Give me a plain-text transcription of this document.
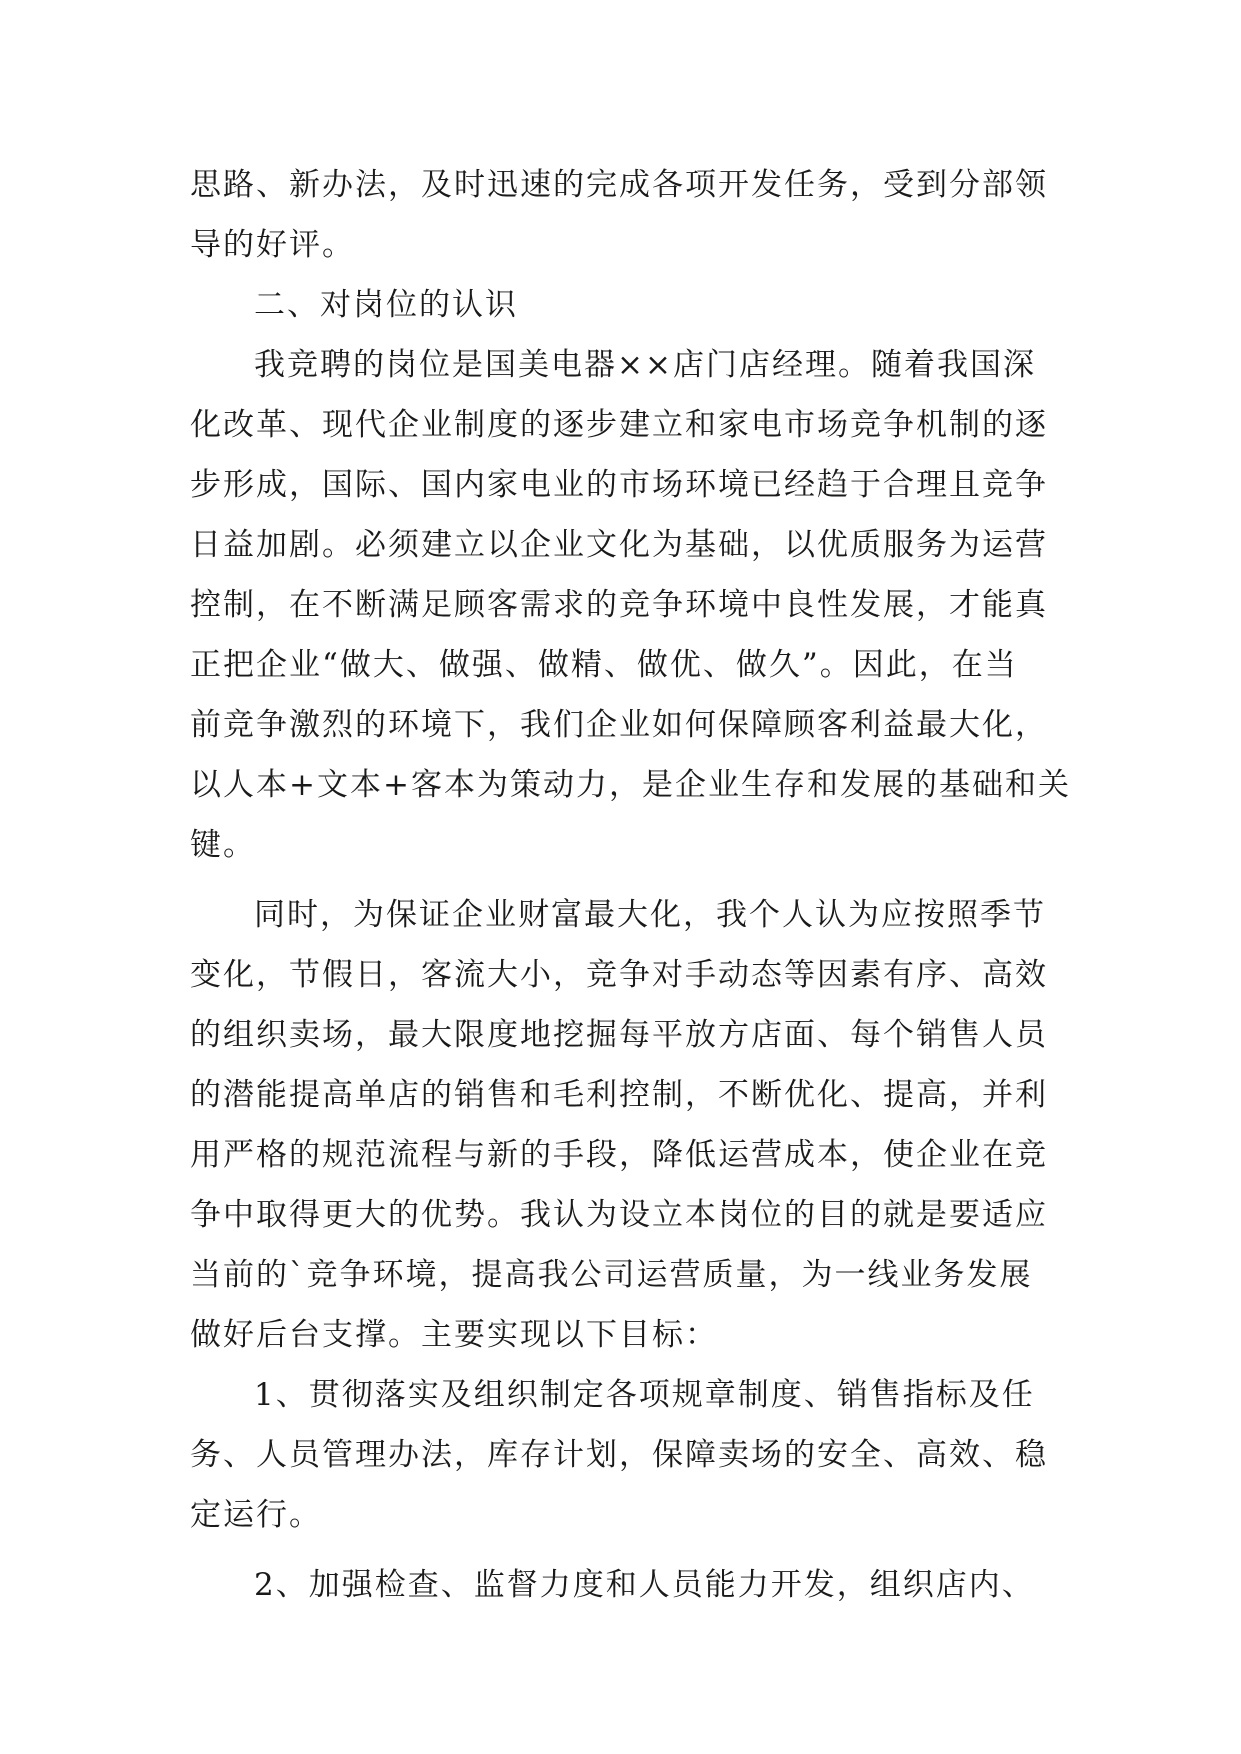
思路、新办法，及时迅速的完成各项开发任务，受到分部领
导的好评。
二、对岗位的认识
我竞聘的岗位是国美电器××店门店经理。随着我国深
化改革、现代企业制度的逐步建立和家电市场竞争机制的逐
步形成，国际、国内家电业的市场环境已经趋于合理且竞争
日益加剧。必须建立以企业文化为基础，以优质服务为运营
控制，在不断满足顾客需求的竞争环境中良性发展，才能真
正把企业“做大、做强、做精、做优、做久”。因此，在当
前竞争激烈的环境下，我们企业如何保障顾客利益最大化，
以人本+文本+客本为策动力，是企业生存和发展的基础和关
键。
同时，为保证企业财富最大化，我个人认为应按照季节
变化，节假日，客流大小，竞争对手动态等因素有序、高效
的组织卖场，最大限度地挖掘每平放方店面、每个销售人员
的潜能提高单店的销售和毛利控制，不断优化、提高，并利
用严格的规范流程与新的手段，降低运营成本，使企业在竞
争中取得更大的优势。我认为设立本岗位的目的就是要适应
当前的`竞争环境，提高我公司运营质量，为一线业务发展
做好后台支撑。主要实现以下目标：
1、贯彻落实及组织制定各项规章制度、销售指标及任
务、人员管理办法，库存计划，保障卖场的安全、高效、稳
定运行。
2、加强检查、监督力度和人员能力开发，组织店内、
